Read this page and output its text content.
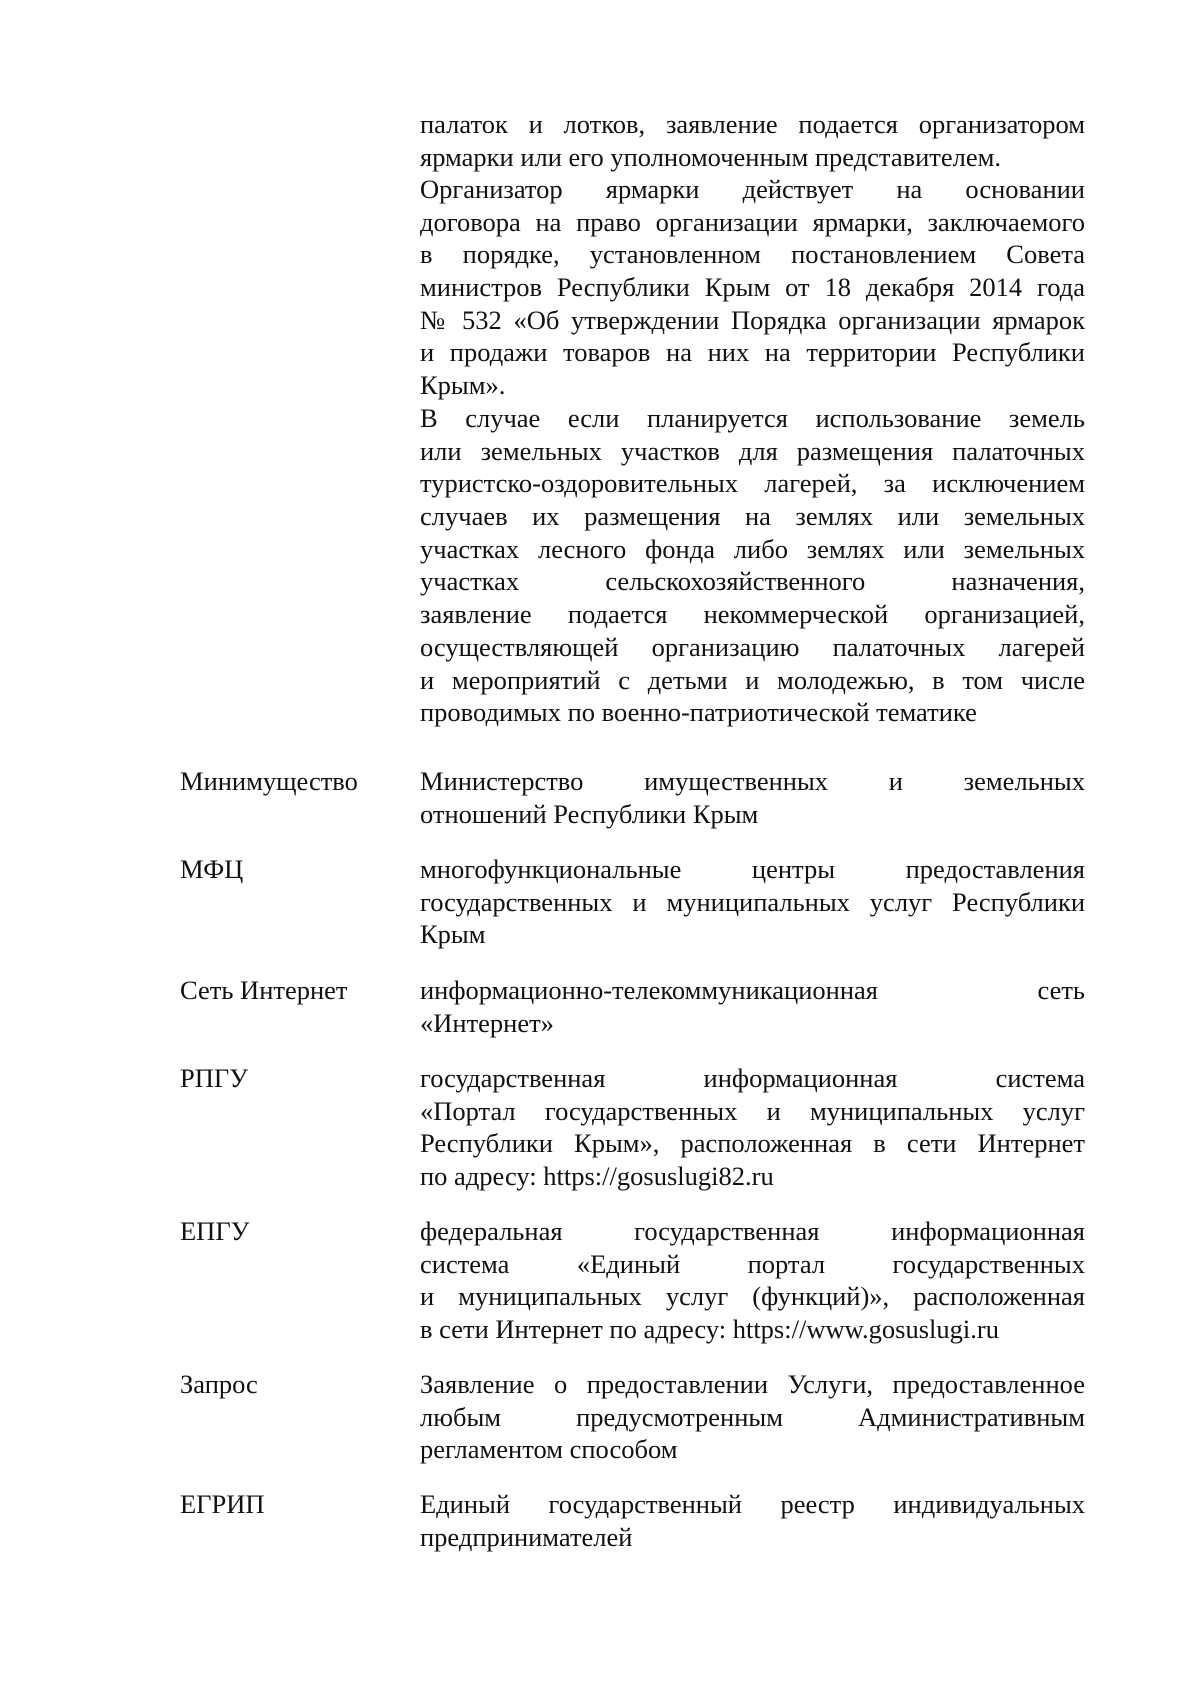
палаток и лотков, заявление подается организатором
ярмарки или его уполномоченным представителем.
Организатор ярмарки действует на основании
договора на право организации ярмарки, заключаемого
в порядке, установленном постановлением Совета
министров Республики Крым от 18 декабря 2014 года
№ 532 «Об утверждении Порядка организации ярмарок
и продажи товаров на них на территории Республики
Крым».
В случае если планируется использование земель
или земельных участков для размещения палаточных
туристско-оздоровительных лагерей, за исключением
случаев их размещения на землях или земельных
участках лесного фонда либо землях или земельных
участках сельскохозяйственного назначения,
заявление подается некоммерческой организацией,
осуществляющей организацию палаточных лагерей
и мероприятий с детьми и молодежью, в том числе
проводимых по военно-патриотической тематике
Минимущество	Министерство имущественных и земельных
отношений Республики Крым
МФЦ	многофункциональные центры предоставления
государственных и муниципальных услуг Республики
Крым
Сеть Интернет	информационно-телекоммуникационная сеть
«Интернет»
РПГУ	государственная информационная система
«Портал государственных и муниципальных услуг
Республики Крым», расположенная в сети Интернет
по адресу: https://gosuslugi82.ru
ЕПГУ	федеральная государственная информационная
система «Единый портал государственных
и муниципальных услуг (функций)», расположенная
в сети Интернет по адресу: https://www.gosuslugi.ru
Запрос	Заявление о предоставлении Услуги, предоставленное
любым предусмотренным Административным
регламентом способом
ЕГРИП	Единый государственный реестр индивидуальных
предпринимателей
